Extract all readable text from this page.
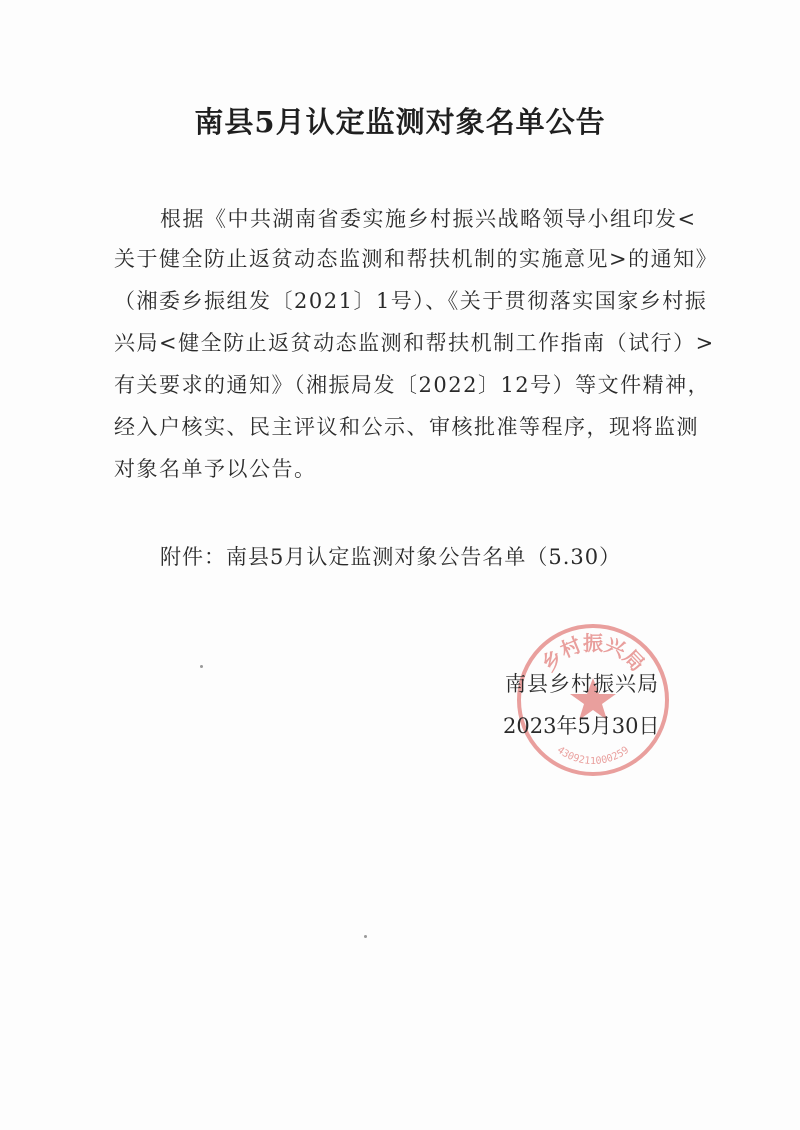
南县5月认定监测对象名单公告

根据《中共湖南省委实施乡村振兴战略领导小组印发<

关于健全防止返贫动态监测和帮扶机制的实施意见>的通知》

（湘委乡振组发〔2021〕1号）、《关于贯彻落实国家乡村振

兴局<健全防止返贫动态监测和帮扶机制工作指南（试行）>

有关要求的通知》（湘振局发〔2022〕12号）等文件精神，

经入户核实、民主评议和公示、审核批准等程序，现将监测

对象名单予以公告。

附件：南县5月认定监测对象公告名单（5.30）

乡村振兴局
4309211000259

南县乡村振兴局

2023年5月30日
